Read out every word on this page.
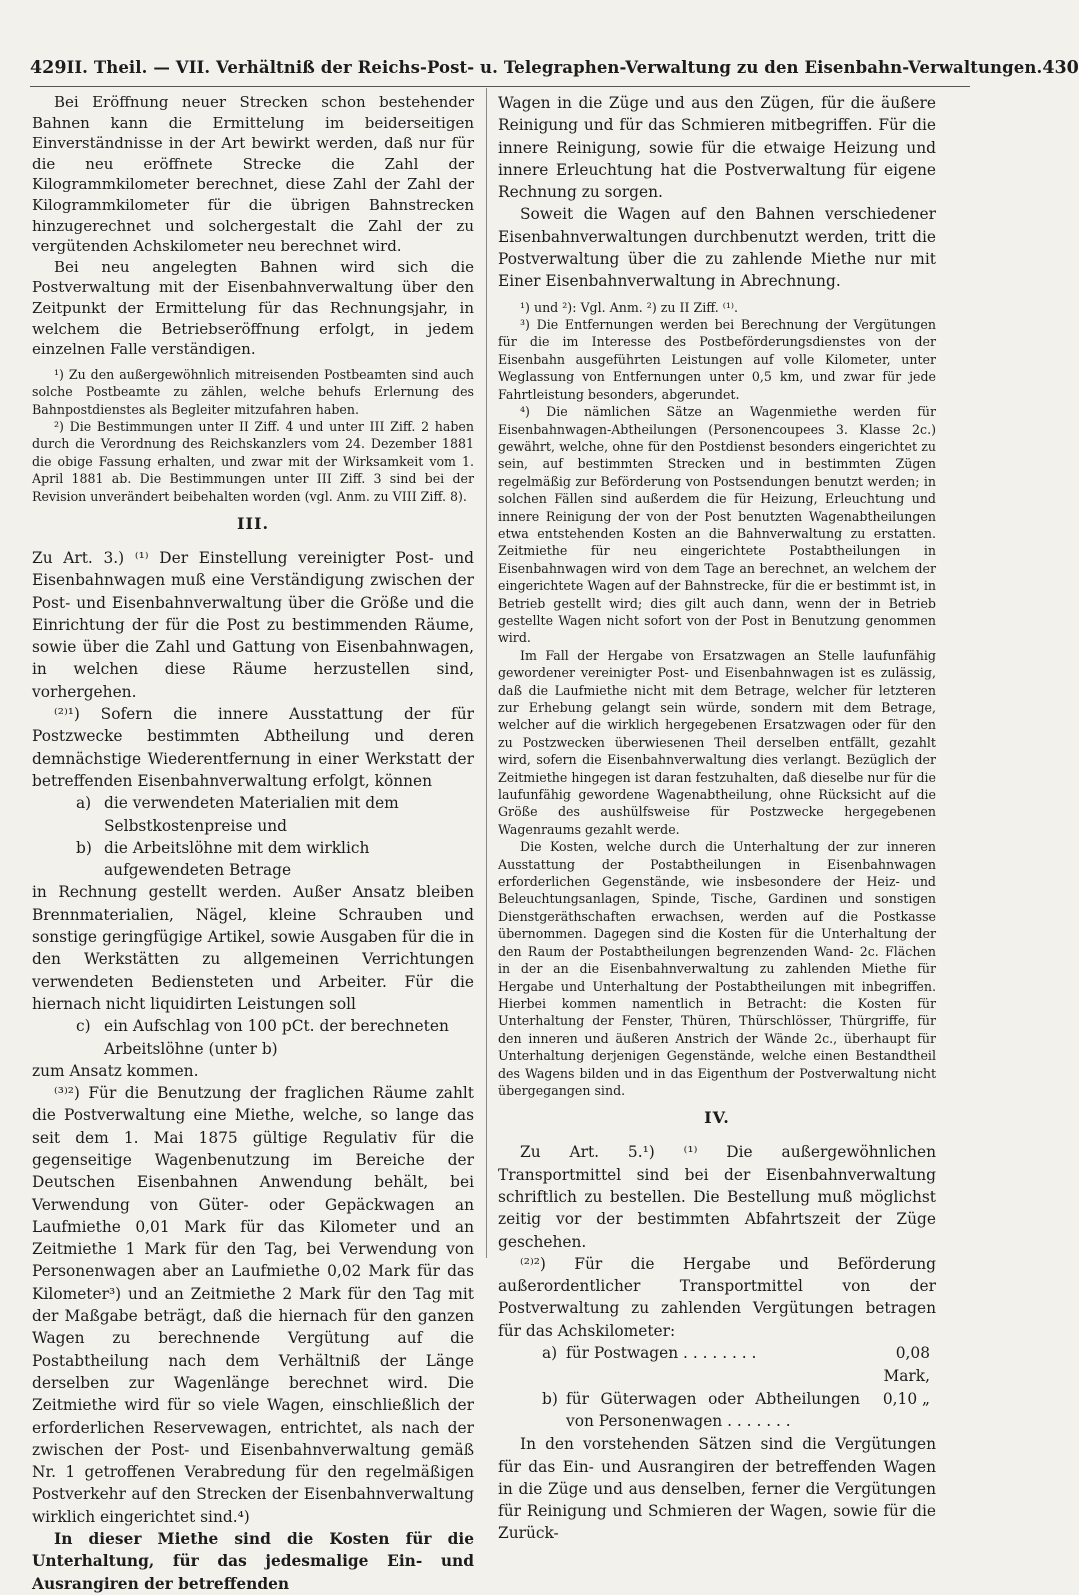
429 II. Theil. — VII. Verhältniß der Reichs-Post- u. Telegraphen-Verwaltung zu den Eisenbahn-Verwaltungen. 430

Bei Eröffnung neuer Strecken schon bestehender Bahnen kann die Ermittelung im beiderseitigen Einverständnisse in der Art bewirkt werden, daß nur für die neu eröffnete Strecke die Zahl der Kilogrammkilometer berechnet, diese Zahl der Zahl der Kilogrammkilometer für die übrigen Bahnstrecken hinzugerechnet und solchergestalt die Zahl der zu vergütenden Achskilometer neu berechnet wird.

Bei neu angelegten Bahnen wird sich die Postverwaltung mit der Eisenbahnverwaltung über den Zeitpunkt der Ermittelung für das Rechnungsjahr, in welchem die Betriebseröffnung erfolgt, in jedem einzelnen Falle verständigen.

¹) Zu den außergewöhnlich mitreisenden Postbeamten sind auch solche Postbeamte zu zählen, welche behufs Erlernung des Bahnpostdienstes als Begleiter mitzufahren haben.

²) Die Bestimmungen unter II Ziff. 4 und unter III Ziff. 2 haben durch die Verordnung des Reichskanzlers vom 24. Dezember 1881 die obige Fassung erhalten, und zwar mit der Wirksamkeit vom 1. April 1881 ab. Die Bestimmungen unter III Ziff. 3 sind bei der Revision unverändert beibehalten worden (vgl. Anm. zu VIII Ziff. 8).

III.

Zu Art. 3.) ⁽¹⁾ Der Einstellung vereinigter Post- und Eisenbahnwagen muß eine Verständigung zwischen der Post- und Eisenbahnverwaltung über die Größe und die Einrichtung der für die Post zu bestimmenden Räume, sowie über die Zahl und Gattung von Eisenbahnwagen, in welchen diese Räume herzustellen sind, vorhergehen.

⁽²⁾¹) Sofern die innere Ausstattung der für Postzwecke bestimmten Abtheilung und deren demnächstige Wiederentfernung in einer Werkstatt der betreffenden Eisenbahnverwaltung erfolgt, können

a) die verwendeten Materialien mit dem Selbstkostenpreise und
b) die Arbeitslöhne mit dem wirklich aufgewendeten Betrage

in Rechnung gestellt werden. Außer Ansatz bleiben Brennmaterialien, Nägel, kleine Schrauben und sonstige geringfügige Artikel, sowie Ausgaben für die in den Werkstätten zu allgemeinen Verrichtungen verwendeten Bediensteten und Arbeiter. Für die hiernach nicht liquidirten Leistungen soll

c) ein Aufschlag von 100 pCt. der berechneten Arbeitslöhne (unter b)

zum Ansatz kommen.

⁽³⁾²) Für die Benutzung der fraglichen Räume zahlt die Postverwaltung eine Miethe, welche, so lange das seit dem 1. Mai 1875 gültige Regulativ für die gegenseitige Wagenbenutzung im Bereiche der Deutschen Eisenbahnen Anwendung behält, bei Verwendung von Güter- oder Gepäckwagen an Laufmiethe 0,01 Mark für das Kilometer und an Zeitmiethe 1 Mark für den Tag, bei Verwendung von Personenwagen aber an Laufmiethe 0,02 Mark für das Kilometer³) und an Zeitmiethe 2 Mark für den Tag mit der Maßgabe beträgt, daß die hiernach für den ganzen Wagen zu berechnende Vergütung auf die Postabtheilung nach dem Verhältniß der Länge derselben zur Wagenlänge berechnet wird. Die Zeitmiethe wird für so viele Wagen, einschließlich der erforderlichen Reservewagen, entrichtet, als nach der zwischen der Post- und Eisenbahnverwaltung gemäß Nr. 1 getroffenen Verabredung für den regelmäßigen Postverkehr auf den Strecken der Eisenbahnverwaltung wirklich eingerichtet sind.⁴)

In dieser Miethe sind die Kosten für die Unterhaltung, für das jedesmalige Ein- und Ausrangiren der betreffenden

Wagen in die Züge und aus den Zügen, für die äußere Reinigung und für das Schmieren mitbegriffen. Für die innere Reinigung, sowie für die etwaige Heizung und innere Erleuchtung hat die Postverwaltung für eigene Rechnung zu sorgen.

Soweit die Wagen auf den Bahnen verschiedener Eisenbahnverwaltungen durchbenutzt werden, tritt die Postverwaltung über die zu zahlende Miethe nur mit Einer Eisenbahnverwaltung in Abrechnung.

¹) und ²): Vgl. Anm. ²) zu II Ziff. ⁽¹⁾.

³) Die Entfernungen werden bei Berechnung der Vergütungen für die im Interesse des Postbeförderungsdienstes von der Eisenbahn ausgeführten Leistungen auf volle Kilometer, unter Weglassung von Entfernungen unter 0,5 km, und zwar für jede Fahrtleistung besonders, abgerundet.

⁴) Die nämlichen Sätze an Wagenmiethe werden für Eisenbahnwagen-Abtheilungen (Personencoupees 3. Klasse 2c.) gewährt, welche, ohne für den Postdienst besonders eingerichtet zu sein, auf bestimmten Strecken und in bestimmten Zügen regelmäßig zur Beförderung von Postsendungen benutzt werden; in solchen Fällen sind außerdem die für Heizung, Erleuchtung und innere Reinigung der von der Post benutzten Wagenabtheilungen etwa entstehenden Kosten an die Bahnverwaltung zu erstatten. Zeitmiethe für neu eingerichtete Postabtheilungen in Eisenbahnwagen wird von dem Tage an berechnet, an welchem der eingerichtete Wagen auf der Bahnstrecke, für die er bestimmt ist, in Betrieb gestellt wird; dies gilt auch dann, wenn der in Betrieb gestellte Wagen nicht sofort von der Post in Benutzung genommen wird.

Im Fall der Hergabe von Ersatzwagen an Stelle laufunfähig gewordener vereinigter Post- und Eisenbahnwagen ist es zulässig, daß die Laufmiethe nicht mit dem Betrage, welcher für letzteren zur Erhebung gelangt sein würde, sondern mit dem Betrage, welcher auf die wirklich hergegebenen Ersatzwagen oder für den zu Postzwecken überwiesenen Theil derselben entfällt, gezahlt wird, sofern die Eisenbahnverwaltung dies verlangt. Bezüglich der Zeitmiethe hingegen ist daran festzuhalten, daß dieselbe nur für die laufunfähig gewordene Wagenabtheilung, ohne Rücksicht auf die Größe des aushülfsweise für Postzwecke hergegebenen Wagenraums gezahlt werde.

Die Kosten, welche durch die Unterhaltung der zur inneren Ausstattung der Postabtheilungen in Eisenbahnwagen erforderlichen Gegenstände, wie insbesondere der Heiz- und Beleuchtungsanlagen, Spinde, Tische, Gardinen und sonstigen Dienstgeräthschaften erwachsen, werden auf die Postkasse übernommen. Dagegen sind die Kosten für die Unterhaltung der den Raum der Postabtheilungen begrenzenden Wand- 2c. Flächen in der an die Eisenbahnverwaltung zu zahlenden Miethe für Hergabe und Unterhaltung der Postabtheilungen mit inbegriffen. Hierbei kommen namentlich in Betracht: die Kosten für Unterhaltung der Fenster, Thüren, Thürschlösser, Thürgriffe, für den inneren und äußeren Anstrich der Wände 2c., überhaupt für Unterhaltung derjenigen Gegenstände, welche einen Bestandtheil des Wagens bilden und in das Eigenthum der Postverwaltung nicht übergegangen sind.

IV.

Zu Art. 5.¹) ⁽¹⁾ Die außergewöhnlichen Transportmittel sind bei der Eisenbahnverwaltung schriftlich zu bestellen. Die Bestellung muß möglichst zeitig vor der bestimmten Abfahrtszeit der Züge geschehen.

⁽²⁾²) Für die Hergabe und Beförderung außerordentlicher Transportmittel von der Postverwaltung zu zahlenden Vergütungen betragen für das Achskilometer:

a) für Postwagen . . . . . . . .	0,08 Mark,
b) für Güterwagen oder Abtheilungen von Personenwagen . . . . . . .
0,10 „

In den vorstehenden Sätzen sind die Vergütungen für das Ein- und Ausrangiren der betreffenden Wagen in die Züge und aus denselben, ferner die Vergütungen für Reinigung und Schmieren der Wagen, sowie für die Zurück-
